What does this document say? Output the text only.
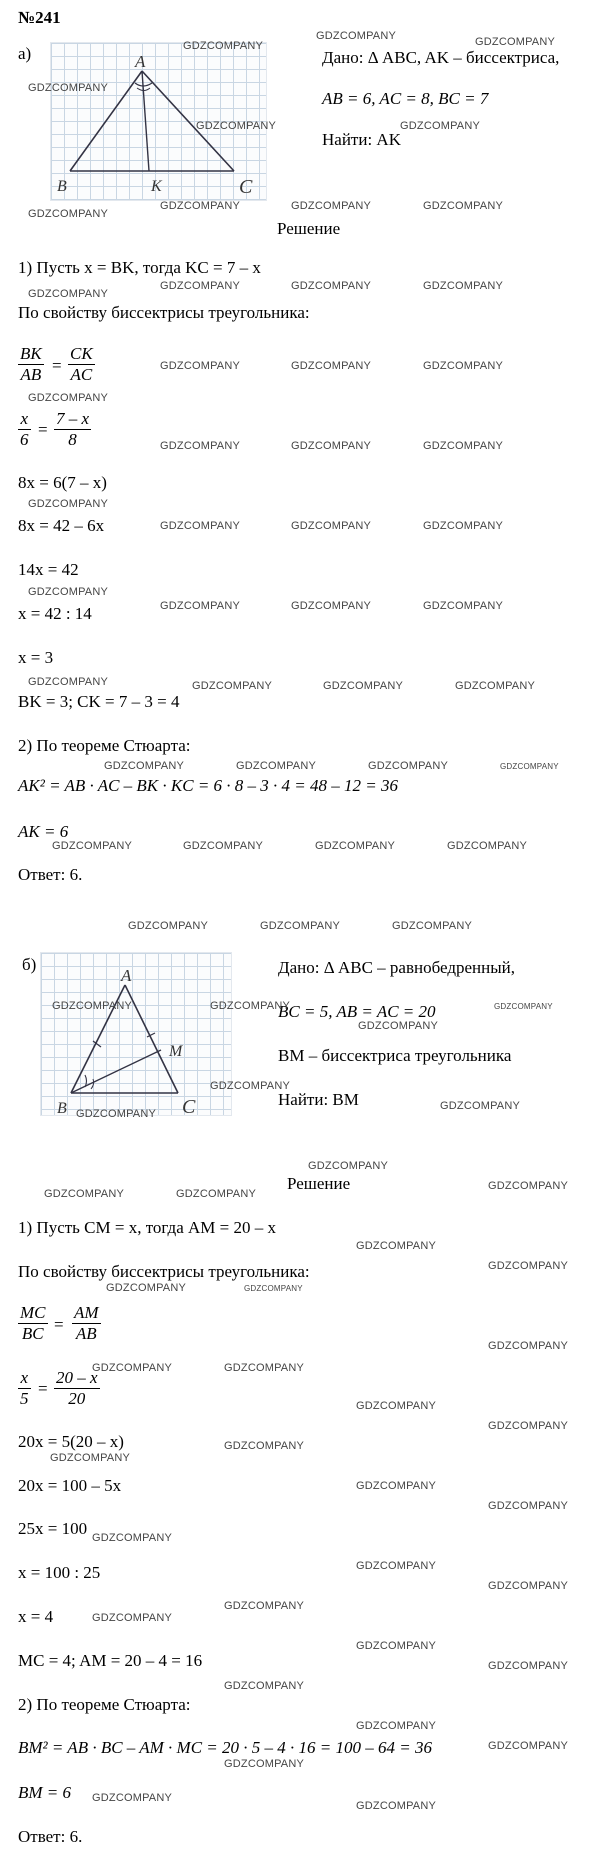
№241
а)	A
B	K	C
Дано: Δ ABC, AK – биссектриса,
AB = 6, AC = 8, BC = 7
Найти: AK
Решение
1) Пусть x = BK, тогда KC = 7 – x
По свойству биссектрисы треугольника:
$\frac{BK}{AB} = \frac{CK}{AC}$
$\frac{x}{6} = \frac{7 - x}{8}$
8x = 6(7 – x)
8x = 42 – 6x
14x = 42
x = 42 : 14
x = 3
BK = 3; CK = 7 – 3 = 4
2) По теореме Стюарта:
AK² = AB · AC – BK · KC = 6 · 8 – 3 · 4 = 48 – 12 = 36
AK = 6
Ответ: 6.
б)
A
B
M
C
Дано: Δ ABC – равнобедренный,
BC = 5, AB = AC = 20
BM – биссектриса треугольника
Найти: BM
Решение
1) Пусть CM = x, тогда AM = 20 – x
По свойству биссектрисы треугольника:
$\frac{MC}{BC} = \frac{AM}{AB}$
$\frac{x}{5} = \frac{20 - x}{20}$
20x = 5(20 – x)
20x = 100 – 5x
25x = 100
x = 100 : 25
x = 4
MC = 4; AM = 20 – 4 = 16
2) По теореме Стюарта:
BM² = AB · BC – AM · MC = 20 · 5 – 4 · 16 = 100 – 64 = 36
BM = 6
Ответ: 6.
GDZCOMPANY
GDZCOMPANY	GDZCOMPANY
GDZCOMPANY
GDZCOMPANY	GDZCOMPANY
GDZCOMPANY
GDZCOMPANY	GDZCOMPANY	GDZCOMPANY
GDZCOMPANY	GDZCOMPANY	GDZCOMPANY
GDZCOMPANY
GDZCOMPANY	GDZCOMPANY	GDZCOMPANY
GDZCOMPANY
GDZCOMPANY	GDZCOMPANY	GDZCOMPANY
GDZCOMPANY
GDZCOMPANY	GDZCOMPANY	GDZCOMPANY
GDZCOMPANY
GDZCOMPANY	GDZCOMPANY	GDZCOMPANY
GDZCOMPANY	GDZCOMPANY	GDZCOMPANY	GDZCOMPANY
GDZCOMPANY	GDZCOMPANY	GDZCOMPANY	GDZCOMPANY
GDZCOMPANY	GDZCOMPANY	GDZCOMPANY	GDZCOMPANY
GDZCOMPANY	GDZCOMPANY	GDZCOMPANY
GDZCOMPANY	GDZCOMPANY	GDZCOMPANY
GDZCOMPANY
GDZCOMPANY
GDZCOMPANY
GDZCOMPANY
GDZCOMPANY
GDZCOMPANY	GDZCOMPANY
GDZCOMPANY
GDZCOMPANY
GDZCOMPANY
GDZCOMPANY	GDZCOMPANY
GDZCOMPANY
GDZCOMPANY	GDZCOMPANY
GDZCOMPANY
GDZCOMPANY
GDZCOMPANY
GDZCOMPANY
GDZCOMPANY
GDZCOMPANY
GDZCOMPANY
GDZCOMPANY
GDZCOMPANY
GDZCOMPANY
GDZCOMPANY
GDZCOMPANY
GDZCOMPANY
GDZCOMPANY
GDZCOMPANY
GDZCOMPANY
GDZCOMPANY
GDZCOMPANY
GDZCOMPANY
